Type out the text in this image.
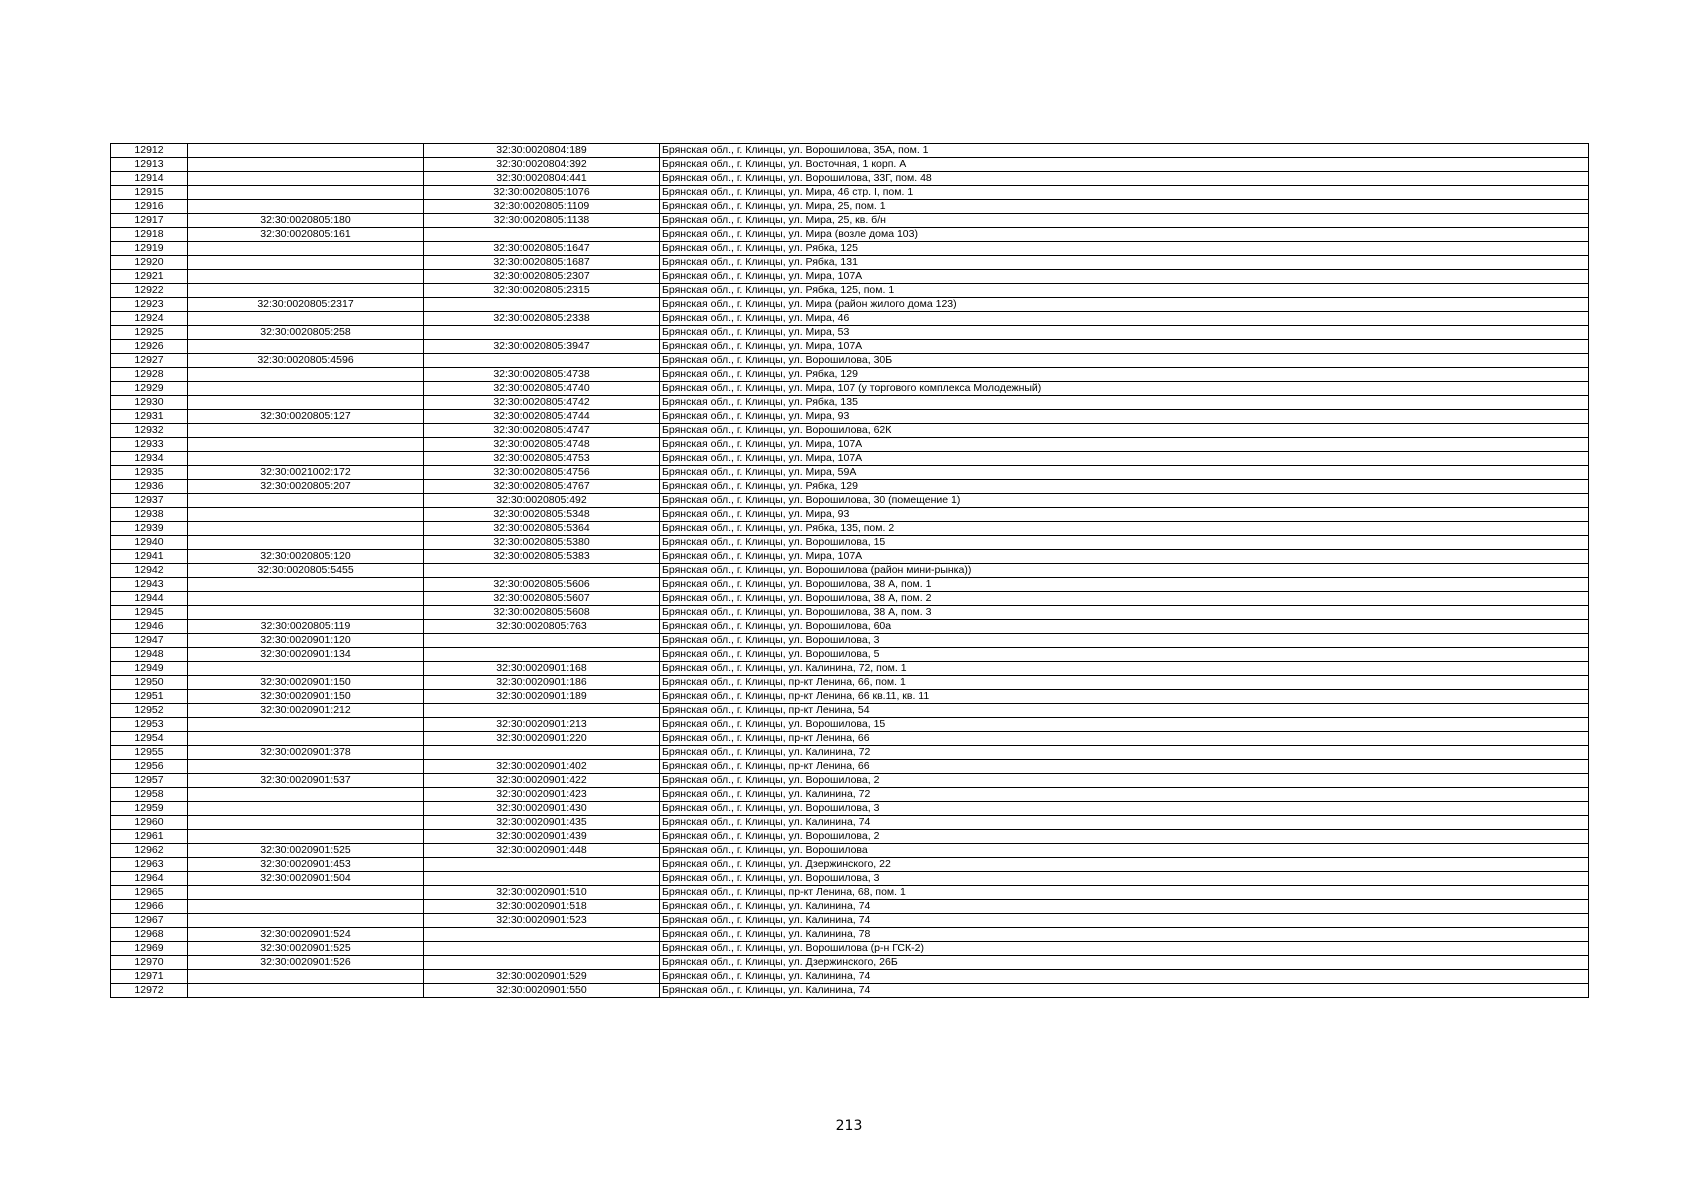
12912		32:30:0020804:189	Брянская обл., г. Клинцы, ул. Ворошилова, 35А, пом. 1
12913		32:30:0020804:392	Брянская обл., г. Клинцы, ул. Восточная, 1 корп. А
12914		32:30:0020804:441	Брянская обл., г. Клинцы, ул. Ворошилова, 33Г, пом. 48
12915		32:30:0020805:1076	Брянская обл., г. Клинцы, ул. Мира, 46 стр. I, пом. 1
12916		32:30:0020805:1109	Брянская обл., г. Клинцы, ул. Мира, 25, пом. 1
12917	32:30:0020805:180	32:30:0020805:1138	Брянская обл., г. Клинцы, ул. Мира, 25, кв. б/н
12918	32:30:0020805:161		Брянская обл., г. Клинцы, ул. Мира (возле дома 103)
12919		32:30:0020805:1647	Брянская обл., г. Клинцы, ул. Рябка, 125
12920		32:30:0020805:1687	Брянская обл., г. Клинцы, ул. Рябка, 131
12921		32:30:0020805:2307	Брянская обл., г. Клинцы, ул. Мира, 107А
12922		32:30:0020805:2315	Брянская обл., г. Клинцы, ул. Рябка, 125, пом. 1
12923	32:30:0020805:2317		Брянская обл., г. Клинцы, ул. Мира (район жилого дома 123)
12924		32:30:0020805:2338	Брянская обл., г. Клинцы, ул. Мира, 46
12925	32:30:0020805:258		Брянская обл., г. Клинцы, ул. Мира, 53
12926		32:30:0020805:3947	Брянская обл., г. Клинцы, ул. Мира, 107А
12927	32:30:0020805:4596		Брянская обл., г. Клинцы, ул. Ворошилова, 30Б
12928		32:30:0020805:4738	Брянская обл., г. Клинцы, ул. Рябка, 129
12929		32:30:0020805:4740	Брянская обл., г. Клинцы, ул. Мира, 107 (у торгового комплекса Молодежный)
12930		32:30:0020805:4742	Брянская обл., г. Клинцы, ул. Рябка, 135
12931	32:30:0020805:127	32:30:0020805:4744	Брянская обл., г. Клинцы, ул. Мира, 93
12932		32:30:0020805:4747	Брянская обл., г. Клинцы, ул. Ворошилова, 62К
12933		32:30:0020805:4748	Брянская обл., г. Клинцы, ул. Мира, 107А
12934		32:30:0020805:4753	Брянская обл., г. Клинцы, ул. Мира, 107А
12935	32:30:0021002:172	32:30:0020805:4756	Брянская обл., г. Клинцы, ул. Мира, 59А
12936	32:30:0020805:207	32:30:0020805:4767	Брянская обл., г. Клинцы, ул. Рябка, 129
12937		32:30:0020805:492	Брянская обл., г. Клинцы, ул. Ворошилова, 30 (помещение 1)
12938		32:30:0020805:5348	Брянская обл., г. Клинцы, ул. Мира, 93
12939		32:30:0020805:5364	Брянская обл., г. Клинцы, ул. Рябка, 135, пом. 2
12940		32:30:0020805:5380	Брянская обл., г. Клинцы, ул. Ворошилова, 15
12941	32:30:0020805:120	32:30:0020805:5383	Брянская обл., г. Клинцы, ул. Мира, 107А
12942	32:30:0020805:5455		Брянская обл., г. Клинцы, ул. Ворошилова (район мини-рынка))
12943		32:30:0020805:5606	Брянская обл., г. Клинцы, ул. Ворошилова, 38 А, пом. 1
12944		32:30:0020805:5607	Брянская обл., г. Клинцы, ул. Ворошилова, 38 А, пом. 2
12945		32:30:0020805:5608	Брянская обл., г. Клинцы, ул. Ворошилова, 38 А, пом. 3
12946	32:30:0020805:119	32:30:0020805:763	Брянская обл., г. Клинцы, ул. Ворошилова, 60а
12947	32:30:0020901:120		Брянская обл., г. Клинцы, ул. Ворошилова, 3
12948	32:30:0020901:134		Брянская обл., г. Клинцы, ул. Ворошилова, 5
12949		32:30:0020901:168	Брянская обл., г. Клинцы, ул. Калинина, 72, пом. 1
12950	32:30:0020901:150	32:30:0020901:186	Брянская обл., г. Клинцы, пр-кт Ленина, 66, пом. 1
12951	32:30:0020901:150	32:30:0020901:189	Брянская обл., г. Клинцы, пр-кт Ленина, 66 кв.11, кв. 11
12952	32:30:0020901:212		Брянская обл., г. Клинцы, пр-кт Ленина, 54
12953		32:30:0020901:213	Брянская обл., г. Клинцы, ул. Ворошилова, 15
12954		32:30:0020901:220	Брянская обл., г. Клинцы, пр-кт Ленина, 66
12955	32:30:0020901:378		Брянская обл., г. Клинцы, ул. Калинина, 72
12956		32:30:0020901:402	Брянская обл., г. Клинцы, пр-кт Ленина, 66
12957	32:30:0020901:537	32:30:0020901:422	Брянская обл., г. Клинцы, ул. Ворошилова, 2
12958		32:30:0020901:423	Брянская обл., г. Клинцы, ул. Калинина, 72
12959		32:30:0020901:430	Брянская обл., г. Клинцы, ул. Ворошилова, 3
12960		32:30:0020901:435	Брянская обл., г. Клинцы, ул. Калинина, 74
12961		32:30:0020901:439	Брянская обл., г. Клинцы, ул. Ворошилова, 2
12962	32:30:0020901:525	32:30:0020901:448	Брянская обл., г. Клинцы, ул. Ворошилова
12963	32:30:0020901:453		Брянская обл., г. Клинцы, ул. Дзержинского, 22
12964	32:30:0020901:504		Брянская обл., г. Клинцы, ул. Ворошилова, 3
12965		32:30:0020901:510	Брянская обл., г. Клинцы, пр-кт Ленина, 68, пом. 1
12966		32:30:0020901:518	Брянская обл., г. Клинцы, ул. Калинина, 74
12967		32:30:0020901:523	Брянская обл., г. Клинцы, ул. Калинина, 74
12968	32:30:0020901:524		Брянская обл., г. Клинцы, ул. Калинина, 78
12969	32:30:0020901:525		Брянская обл., г. Клинцы, ул. Ворошилова (р-н ГСК-2)
12970	32:30:0020901:526		Брянская обл., г. Клинцы, ул. Дзержинского, 26Б
12971		32:30:0020901:529	Брянская обл., г. Клинцы, ул. Калинина, 74
12972		32:30:0020901:550	Брянская обл., г. Клинцы, ул. Калинина, 74
213
